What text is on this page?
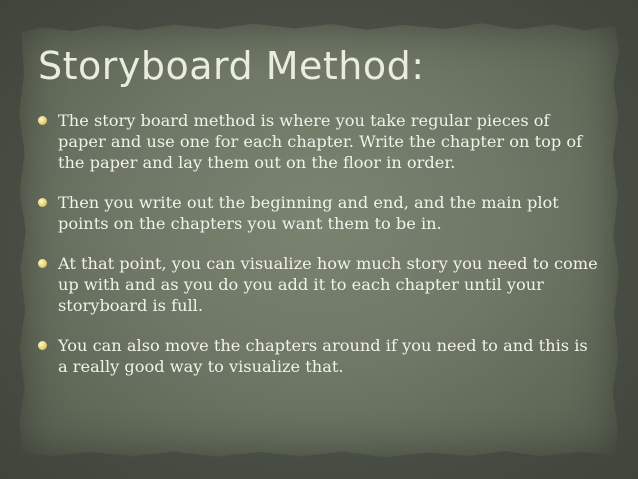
Storyboard Method:
The story board method is where you take regular pieces of paper and use one for each chapter. Write the chapter on top of the paper and lay them out on the floor in order.
Then you write out the beginning and end, and the main plot points on the chapters you want them to be in.
At that point, you can visualize how much story you need to come up with and as you do you add it to each chapter until your storyboard is full.
You can also move the chapters around if you need to and this is a really good way to visualize that.
